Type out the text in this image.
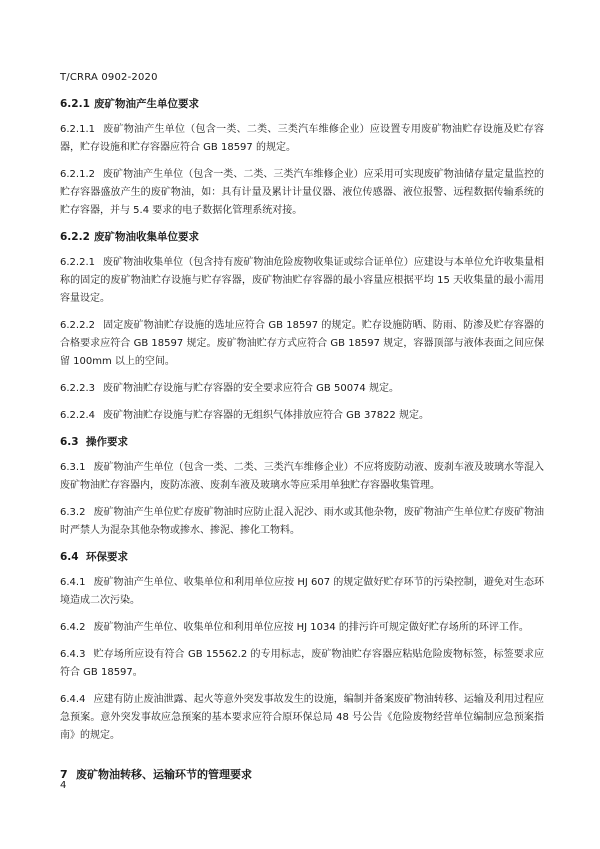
T/CRRA 0902-2020
6.2.1 废矿物油产生单位要求
6.2.1.1 废矿物油产生单位（包含一类、二类、三类汽车维修企业）应设置专用废矿物油贮存设施及贮存容器，贮存设施和贮存容器应符合 GB 18597 的规定。
6.2.1.2 废矿物油产生单位（包含一类、二类、三类汽车维修企业）应采用可实现废矿物油储存量定量监控的贮存容器盛放产生的废矿物油，如：具有计量及累计计量仪器、液位传感器、液位报警、远程数据传输系统的贮存容器，并与 5.4 要求的电子数据化管理系统对接。
6.2.2 废矿物油收集单位要求
6.2.2.1 废矿物油收集单位（包含持有废矿物油危险废物收集证或综合证单位）应建设与本单位允许收集量相称的固定的废矿物油贮存设施与贮存容器，废矿物油贮存容器的最小容量应根据平均 15 天收集量的最小需用容量设定。
6.2.2.2 固定废矿物油贮存设施的选址应符合 GB 18597 的规定。贮存设施防晒、防雨、防渗及贮存容器的合格要求应符合 GB 18597 规定。废矿物油贮存方式应符合 GB 18597 规定，容器顶部与液体表面之间应保留 100mm 以上的空间。
6.2.2.3 废矿物油贮存设施与贮存容器的安全要求应符合 GB 50074 规定。
6.2.2.4 废矿物油贮存设施与贮存容器的无组织气体排放应符合 GB 37822 规定。
6.3 操作要求
6.3.1 废矿物油产生单位（包含一类、二类、三类汽车维修企业）不应将废防动液、废刹车液及玻璃水等混入废矿物油贮存容器内，废防冻液、废刹车液及玻璃水等应采用单独贮存容器收集管理。
6.3.2 废矿物油产生单位贮存废矿物油时应防止混入泥沙、雨水或其他杂物，废矿物油产生单位贮存废矿物油时严禁人为混杂其他杂物或掺水、掺泥、掺化工物料。
6.4 环保要求
6.4.1 废矿物油产生单位、收集单位和利用单位应按 HJ 607 的规定做好贮存环节的污染控制，避免对生态环境造成二次污染。
6.4.2 废矿物油产生单位、收集单位和利用单位应按 HJ 1034 的排污许可规定做好贮存场所的环评工作。
6.4.3 贮存场所应设有符合 GB 15562.2 的专用标志，废矿物油贮存容器应粘贴危险废物标签，标签要求应符合 GB 18597。
6.4.4 应建有防止废油泄露、起火等意外突发事故发生的设施，编制并备案废矿物油转移、运输及利用过程应急预案。意外突发事故应急预案的基本要求应符合原环保总局 48 号公告《危险废物经营单位编制应急预案指南》的规定。
7 废矿物油转移、运输环节的管理要求
4
